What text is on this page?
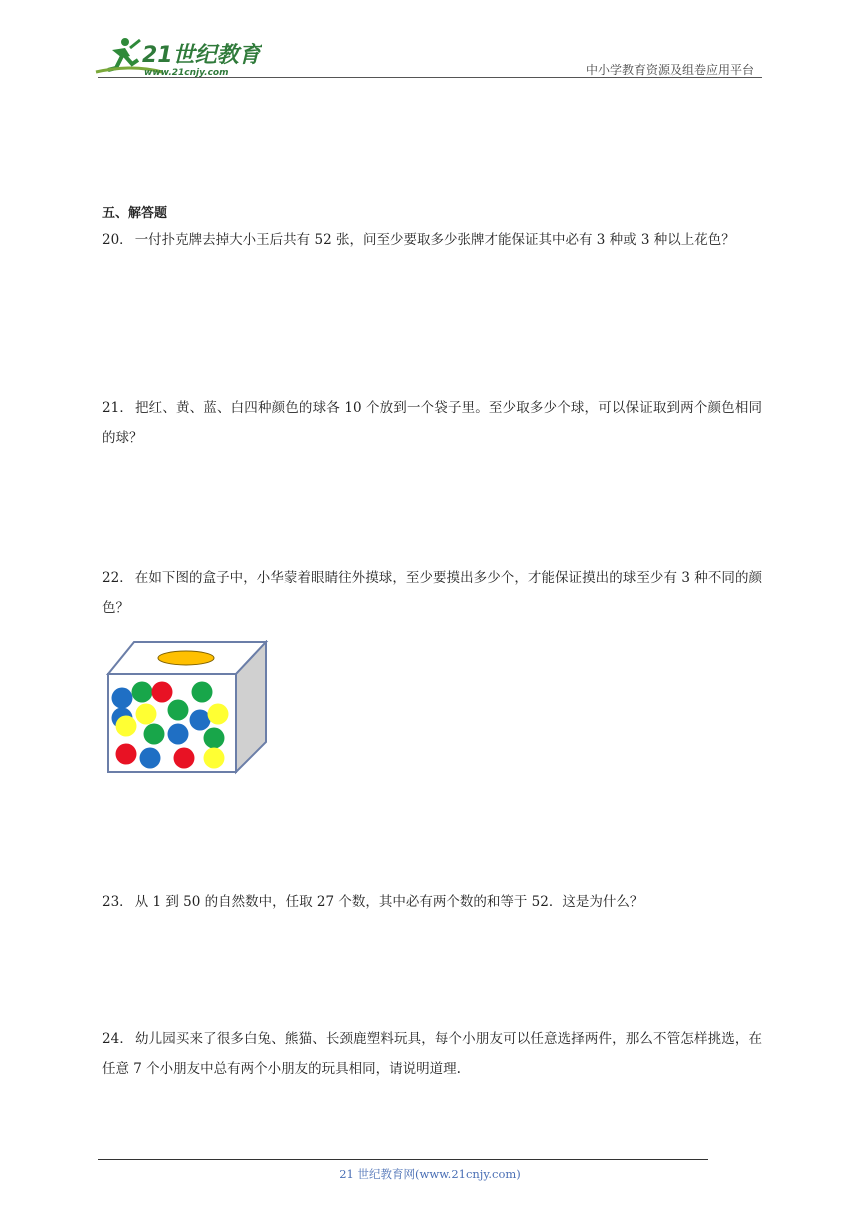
21世纪教育
www.21cnjy.com	中小学教育资源及组卷应用平台
五、解答题
20． 一付扑克牌去掉大小王后共有 52 张，问至少要取多少张牌才能保证其中必有 3 种或 3 种以上花色？
21． 把红、黄、蓝、白四种颜色的球各 10 个放到一个袋子里。至少取多少个球，可以保证取到两个颜色相同的球？
22． 在如下图的盒子中，小华蒙着眼睛往外摸球，至少要摸出多少个，才能保证摸出的球至少有 3 种不同的颜色？
23． 从 1 到 50 的自然数中，任取 27 个数，其中必有两个数的和等于 52．这是为什么？
24． 幼儿园买来了很多白兔、熊猫、长颈鹿塑料玩具，每个小朋友可以任意选择两件，那么不管怎样挑选，在任意 7 个小朋友中总有两个小朋友的玩具相同，请说明道理.
21 世纪教育网(www.21cnjy.com)
